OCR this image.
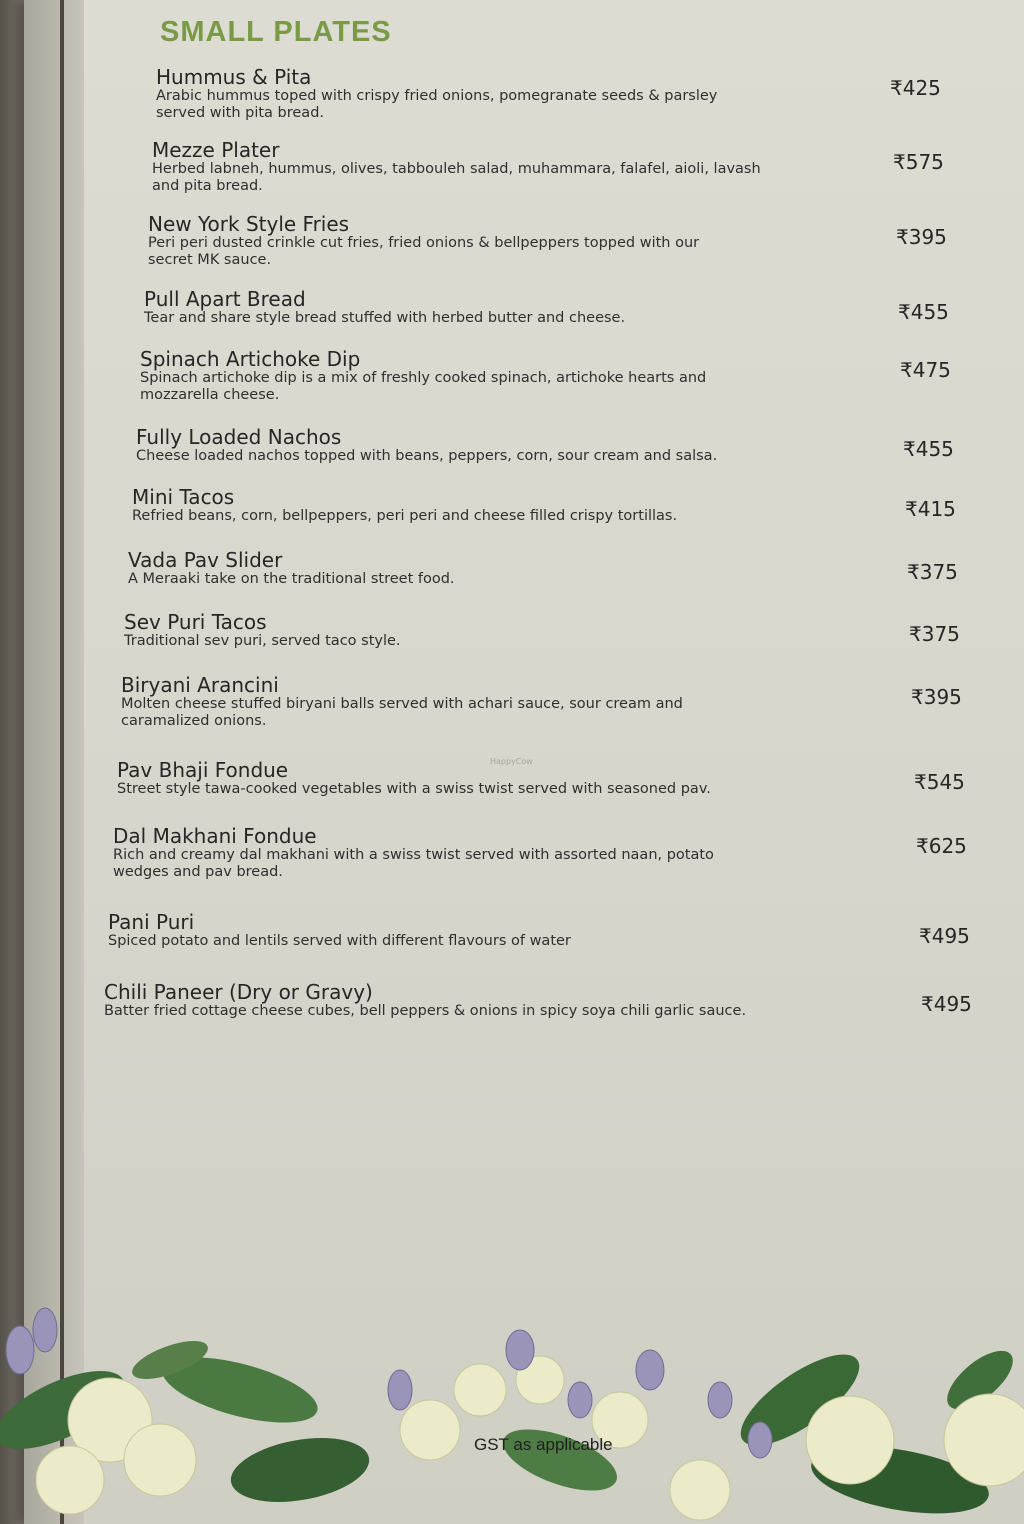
SMALL PLATES
Hummus & Pita
Arabic hummus toped with crispy fried onions, pomegranate seeds & parsley served with pita bread.
₹425
Mezze Plater
Herbed labneh, hummus, olives, tabbouleh salad, muhammara, falafel, aioli, lavash and pita bread.
₹575
New York Style Fries
Peri peri dusted crinkle cut fries, fried onions & bellpeppers topped with our secret MK sauce.
₹395
Pull Apart Bread
Tear and share style bread stuffed with herbed butter and cheese.	₹455
Spinach Artichoke Dip
Spinach artichoke dip is a mix of freshly cooked spinach, artichoke hearts and mozzarella cheese.
₹475
Fully Loaded Nachos
Cheese loaded nachos topped with beans, peppers, corn, sour cream and salsa.	₹455
Mini Tacos
Refried beans, corn, bellpeppers, peri peri and cheese filled crispy tortillas.	₹415
Vada Pav Slider
A Meraaki take on the traditional street food.	₹375
Sev Puri Tacos
Traditional sev puri, served taco style.	₹375
Biryani Arancini
Molten cheese stuffed biryani balls served with achari sauce, sour cream and caramalized onions.
₹395
Pav Bhaji Fondue
Street style tawa-cooked vegetables with a swiss twist served with seasoned pav.	₹545
Dal Makhani Fondue
Rich and creamy dal makhani with a swiss twist served with assorted naan, potato wedges and pav bread.
₹625
Pani Puri
Spiced potato and lentils served with different flavours of water	₹495
Chili Paneer (Dry or Gravy)
Batter fried cottage cheese cubes, bell peppers & onions in spicy soya chili garlic sauce.	₹495
HappyCow
GST as applicable
